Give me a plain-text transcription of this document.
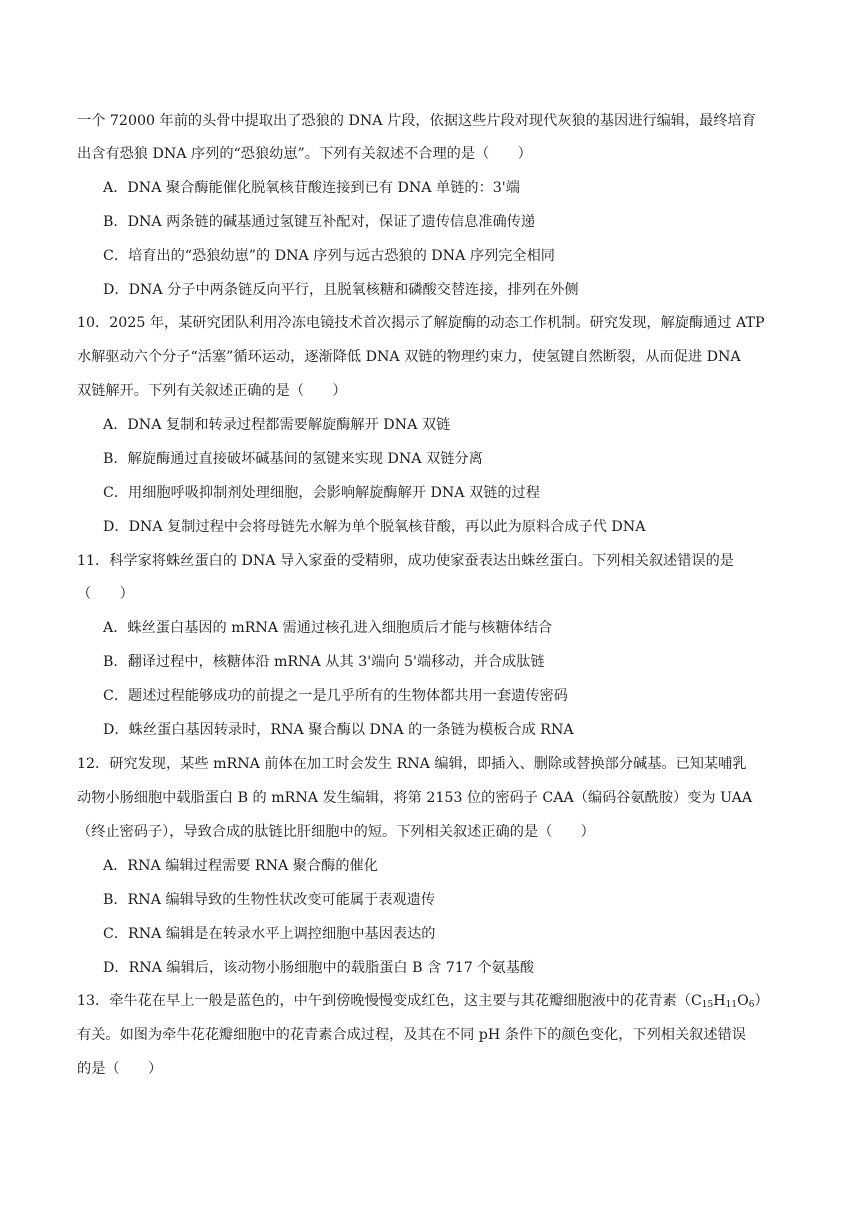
一个 72000 年前的头骨中提取出了恐狼的 DNA 片段，依据这些片段对现代灰狼的基因进行编辑，最终培育
出含有恐狼 DNA 序列的“恐狼幼崽”。下列有关叙述不合理的是（　　）
A．DNA 聚合酶能催化脱氧核苷酸连接到已有 DNA 单链的：3'端
B．DNA 两条链的碱基通过氢键互补配对，保证了遗传信息准确传递
C．培育出的“恐狼幼崽”的 DNA 序列与远古恐狼的 DNA 序列完全相同
D．DNA 分子中两条链反向平行，且脱氧核糖和磷酸交替连接，排列在外侧
10．2025 年，某研究团队利用冷冻电镜技术首次揭示了解旋酶的动态工作机制。研究发现，解旋酶通过 ATP
水解驱动六个分子“活塞”循环运动，逐渐降低 DNA 双链的物理约束力，使氢键自然断裂，从而促进 DNA
双链解开。下列有关叙述正确的是（　　）
A．DNA 复制和转录过程都需要解旋酶解开 DNA 双链
B．解旋酶通过直接破坏碱基间的氢键来实现 DNA 双链分离
C．用细胞呼吸抑制剂处理细胞，会影响解旋酶解开 DNA 双链的过程
D．DNA 复制过程中会将母链先水解为单个脱氧核苷酸，再以此为原料合成子代 DNA
11．科学家将蛛丝蛋白的 DNA 导入家蚕的受精卵，成功使家蚕表达出蛛丝蛋白。下列相关叙述错误的是
（　　）
A．蛛丝蛋白基因的 mRNA 需通过核孔进入细胞质后才能与核糖体结合
B．翻译过程中，核糖体沿 mRNA 从其 3'端向 5'端移动，并合成肽链
C．题述过程能够成功的前提之一是几乎所有的生物体都共用一套遗传密码
D．蛛丝蛋白基因转录时，RNA 聚合酶以 DNA 的一条链为模板合成 RNA
12．研究发现，某些 mRNA 前体在加工时会发生 RNA 编辑，即插入、删除或替换部分碱基。已知某哺乳
动物小肠细胞中载脂蛋白 B 的 mRNA 发生编辑，将第 2153 位的密码子 CAA（编码谷氨酰胺）变为 UAA
（终止密码子），导致合成的肽链比肝细胞中的短。下列相关叙述正确的是（　　）
A．RNA 编辑过程需要 RNA 聚合酶的催化
B．RNA 编辑导致的生物性状改变可能属于表观遗传
C．RNA 编辑是在转录水平上调控细胞中基因表达的
D．RNA 编辑后，该动物小肠细胞中的载脂蛋白 B 含 717 个氨基酸
13．牵牛花在早上一般是蓝色的，中午到傍晚慢慢变成红色，这主要与其花瓣细胞液中的花青素$(C_{15}H_{11}O_6)$
有关。如图为牵牛花花瓣细胞中的花青素合成过程，及其在不同 pH 条件下的颜色变化，下列相关叙述错误
的是（　　）
